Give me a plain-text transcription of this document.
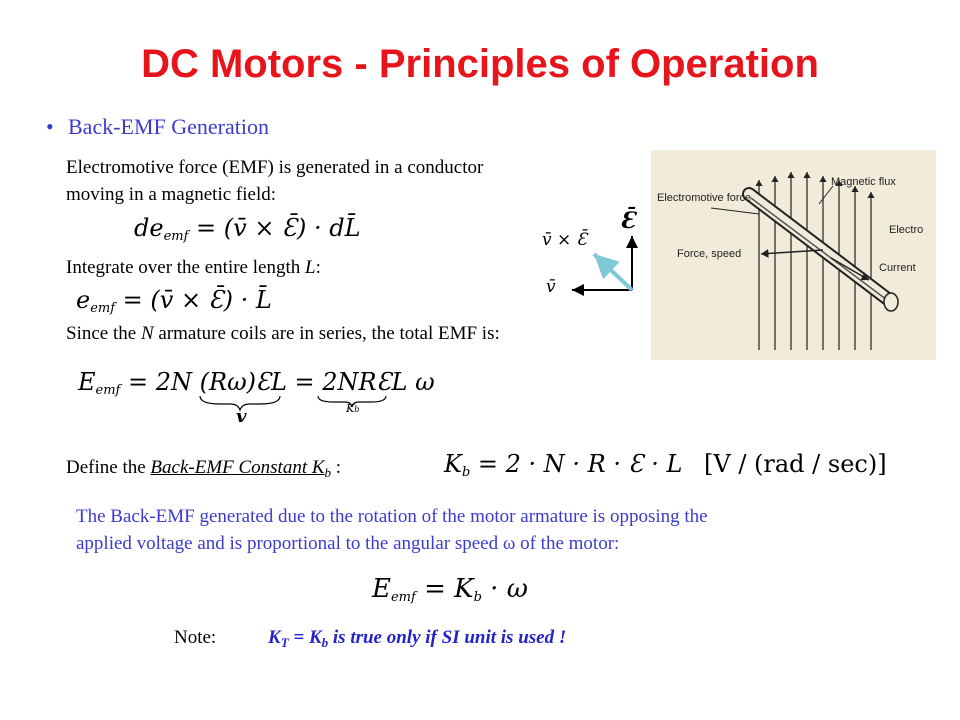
DC Motors - Principles of Operation
• Back-EMF Generation
Electromotive force (EMF) is generated in a conductor
moving in a magnetic field:
$de_{emf}$ = (v̄ × Ɛ̄) · dL̄
Integrate over the entire length L:
$e_{emf}$ = (v̄ × Ɛ̄) · L̄
Since the N armature coils are in series, the total EMF is:
$E_{emf} = 2N$ (Rω)ƐL = 2NRƐL ω
v	Kb
Define the Back-EMF Constant $K_b$ :	$K_b = 2 \cdot N \cdot R$ · Ɛ · L [V / (rad / sec)]
The Back-EMF generated due to the rotation of the motor armature is opposing the
applied voltage and is proportional to the angular speed ω of the motor:
$E_{emf} = K_b \cdot \omega$
Note:	$K_T = K_b$ is true only if SI unit is used !
v̄ × Ɛ̄
Ɛ̄
v̄
Electromotive force
Magnetic flux
Force, speed
Current
Electro
